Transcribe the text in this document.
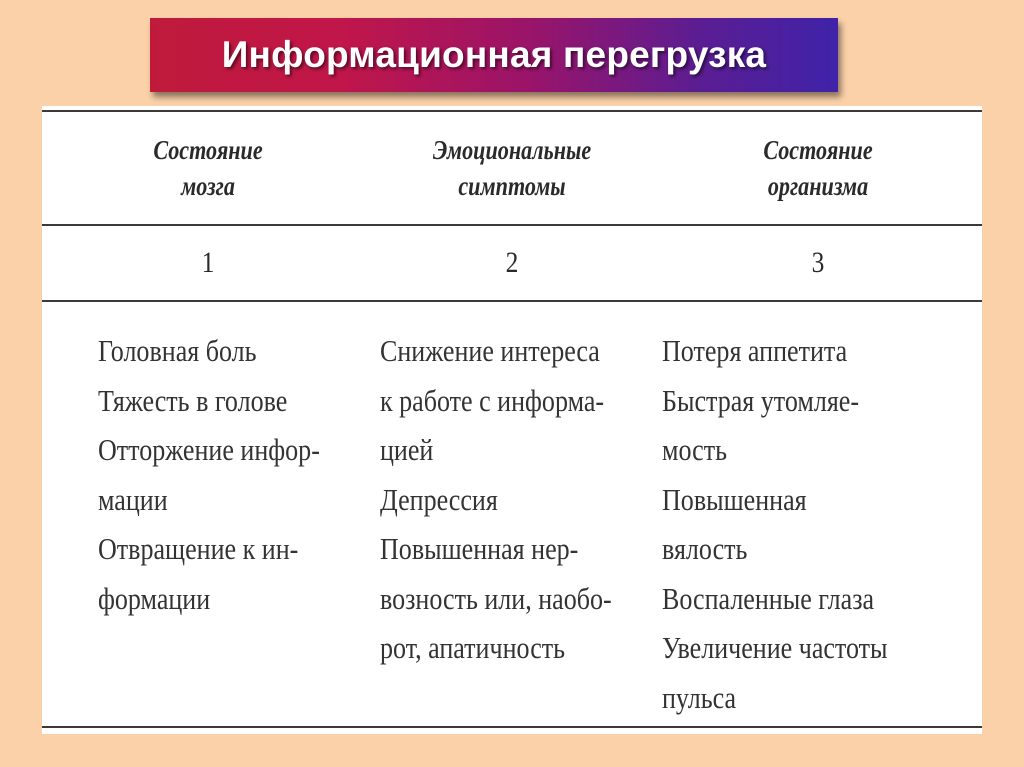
Информационная перегрузка
Состояние
мозга
Эмоциональные
симптомы
Состояние
организма
1	2	3
Головная боль
Тяжесть в голове
Отторжение инфор-
мации
Отвращение к ин-
формации
Снижение интереса
к работе с информа-
цией
Депрессия
Повышенная нер-
возность или, наобо-
рот, апатичность
Потеря аппетита
Быстрая утомляе-
мость
Повышенная
вялость
Воспаленные глаза
Увеличение частоты
пульса
